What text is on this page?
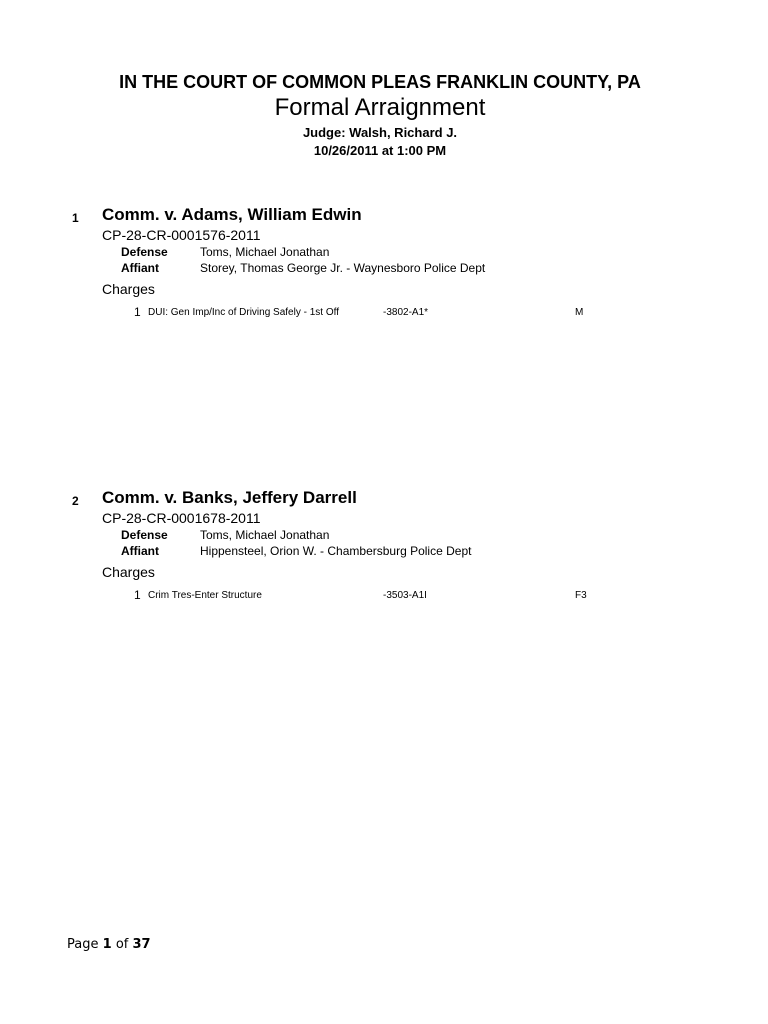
IN THE COURT OF COMMON PLEAS FRANKLIN COUNTY, PA
Formal Arraignment
Judge: Walsh, Richard J.
10/26/2011 at 1:00 PM
1 Comm. v. Adams, William Edwin
CP-28-CR-0001576-2011
Defense	Toms, Michael Jonathan
Affiant	Storey, Thomas George Jr. - Waynesboro Police Dept
Charges
1 DUI: Gen Imp/Inc of Driving Safely - 1st Off	-3802-A1*	M
2 Comm. v. Banks, Jeffery Darrell
CP-28-CR-0001678-2011
Defense	Toms, Michael Jonathan
Affiant	Hippensteel, Orion W. - Chambersburg Police Dept
Charges
1 Crim Tres-Enter Structure	-3503-A1I	F3
Page 1 of 37
